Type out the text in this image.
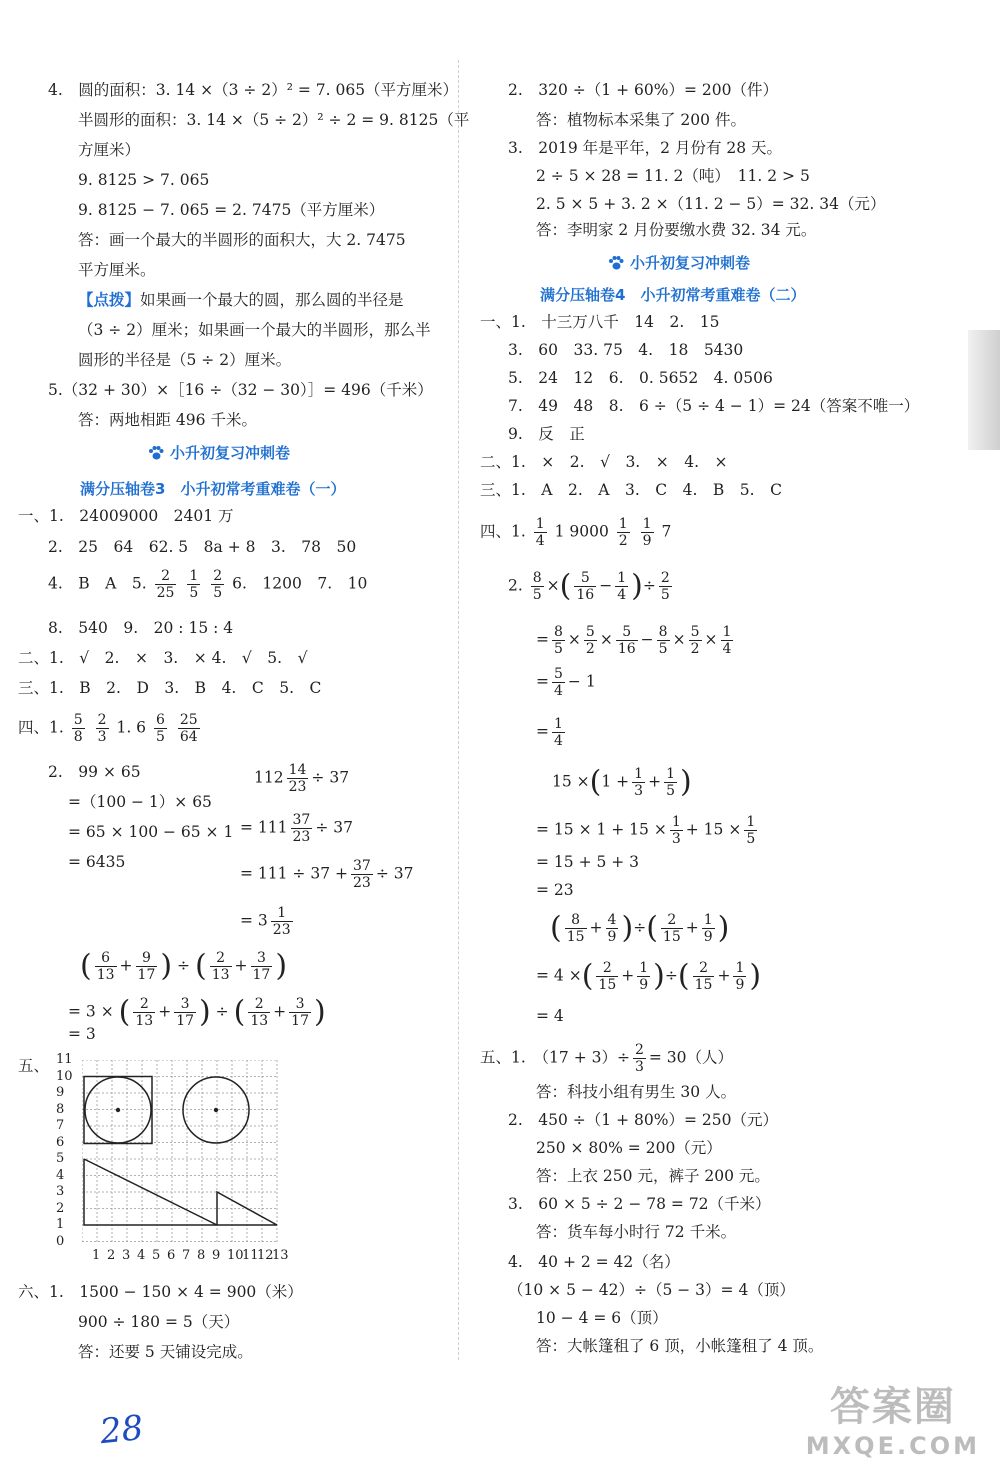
4.　圆的面积：3. 14 ×（3 ÷ 2）² = 7. 065（平方厘米）
半圆形的面积：3. 14 ×（5 ÷ 2）² ÷ 2 = 9. 8125（平
方厘米）
9. 8125 > 7. 065
9. 8125 − 7. 065 = 2. 7475（平方厘米）
答：画一个最大的半圆形的面积大，大 2. 7475
平方厘米。
【点拨】如果画一个最大的圆，那么圆的半径是
（3 ÷ 2）厘米；如果画一个最大的半圆形，那么半
圆形的半径是（5 ÷ 2）厘米。
5.（32 + 30）×［16 ÷（32 − 30）］= 496（千米）
答：两地相距 496 千米。
小升初复习冲刺卷
满分压轴卷3　小升初常考重难卷（一）
一、1.　24009000　2401 万
2.　25　64　62. 5　8a + 8　3.　78　50
4.　B　A　5. $\frac{2}{25}$
$\frac{1}{5}$
$\frac{2}{5} 6$.　1200　7.　10
8.　540　9.　20 : 15 : 4
二、1.　√　2.　×　3.　× 4.　√　5.　√
三、1.　B　2.　D　3.　B　4.　C　5.　C
四、1. $\frac{5}{8}$
$\frac{2}{3} 1$. $6 \frac{6}{5}$
$\frac{25}{64}$
2.　99 × 65
=（100 − 1）× 65
= 65 × 100 − 65 × 1
= 6435
$112 \frac{14}{23} \div 37$
= $111 \frac{37}{23} \div 37$
= $111 \div 37 + \frac{37}{23} \div 37$
= $3 \frac{1}{23}$
( $\frac{6}{13} + \frac{9}{17}$ ) ÷ ( $\frac{2}{13} + \frac{3}{17}$ )
= 3 × ( $\frac{2}{13} + \frac{3}{17}$ ) ÷ ( $\frac{2}{13} + \frac{3}{17}$ )
= 3
五、
0
1
2
3
4
5
6
7
8
9
10
11
1 2 3 4 5 6 7 8 9 10
11
12
13
六、1.　1500 − 150 × 4 = 900（米）
900 ÷ 180 = 5（天）
答：还要 5 天铺设完成。
2.　320 ÷（1 + 60%）= 200（件）
答：植物标本采集了 200 件。
3.　2019 年是平年，2 月份有 28 天。
2 ÷ 5 × 28 = 11. 2（吨）　11. 2 > 5
2. 5 × 5 + 3. 2 ×（11. 2 − 5）= 32. 34（元）
答：李明家 2 月份要缴水费 32. 34 元。
小升初复习冲刺卷
满分压轴卷4　小升初常考重难卷（二）
一、1.　十三万八千　14　2.　15
3.　60　33. 75　4.　18　5430
5.　24　12　6.　0. 5652　4. 0506
7.　49　48　8.　6 ÷（5 ÷ 4 − 1）= 24（答案不唯一）
9.　反　正
二、1.　×　2.　√　3.　×　4.　×
三、1.　A　2.　A　3.　C　4.　B　5.　C
四、1. $\frac{1}{4} 1$ $9000 \frac{1}{2}$
$\frac{1}{9} 7$
2. $\frac{8}{5}$ ×( $\frac{5}{16} - \frac{1}{4}$ )÷ $\frac{2}{5}$
= $\frac{8}{5} \times \frac{5}{2} \times \frac{5}{16} - \frac{8}{5} \times \frac{5}{2} \times \frac{1}{4}$
= $\frac{5}{4} - 1$
= $\frac{1}{4}$
$15 \times(1 + \frac{1}{3} + \frac{1}{5}$ )
= $15 \times 1 + 15 \times \frac{1}{3} + 15 \times \frac{1}{5}$
= 15 + 5 + 3
= 23
( $\frac{8}{15} + \frac{4}{9}$ )÷( $\frac{2}{15} + \frac{1}{9}$ )
= 4 ×( $\frac{2}{15} + \frac{1}{9}$ )÷( $\frac{2}{15} + \frac{1}{9}$ )
= 4
五、1.　$(17 + 3)\div \frac{2}{3} = 30$（人）
答：科技小组有男生 30 人。
2.　450 ÷（1 + 80%）= 250（元）
250 × 80% = 200（元）
答：上衣 250 元，裤子 200 元。
3.　60 × 5 ÷ 2 − 78 = 72（千米）
答：货车每小时行 72 千米。
4.　40 + 2 = 42（名）
（10 × 5 − 42）÷（5 − 3）= 4（顶）
10 − 4 = 6（顶）
答：大帐篷租了 6 顶，小帐篷租了 4 顶。
28	答案圈
MXQE.COM
